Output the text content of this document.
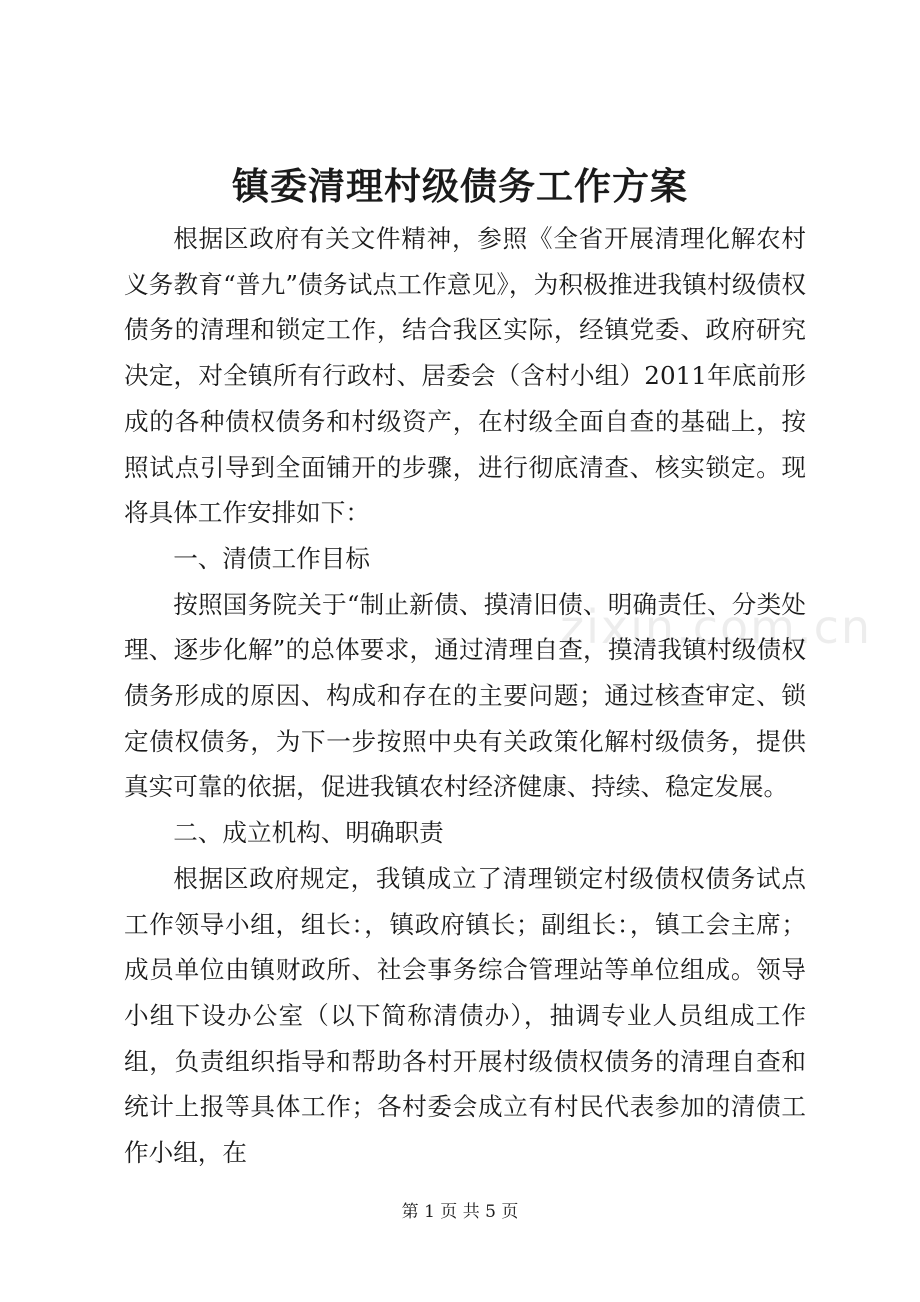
镇委清理村级债务工作方案

根据区政府有关文件精神，参照《全省开展清理化解农村义务教育“普九”债务试点工作意见》，为积极推进我镇村级债权债务的清理和锁定工作，结合我区实际，经镇党委、政府研究决定，对全镇所有行政村、居委会（含村小组）2011年底前形成的各种债权债务和村级资产，在村级全面自查的基础上，按照试点引导到全面铺开的步骤，进行彻底清查、核实锁定。现将具体工作安排如下：

一、清债工作目标

按照国务院关于“制止新债、摸清旧债、明确责任、分类处理、逐步化解”的总体要求，通过清理自查，摸清我镇村级债权债务形成的原因、构成和存在的主要问题；通过核查审定、锁定债权债务，为下一步按照中央有关政策化解村级债务，提供真实可靠的依据，促进我镇农村经济健康、持续、稳定发展。

二、成立机构、明确职责

根据区政府规定，我镇成立了清理锁定村级债权债务试点工作领导小组，组长：，镇政府镇长；副组长：，镇工会主席；成员单位由镇财政所、社会事务综合管理站等单位组成。领导小组下设办公室（以下简称清债办），抽调专业人员组成工作组，负责组织指导和帮助各村开展村级债权债务的清理自查和统计上报等具体工作；各村委会成立有村民代表参加的清债工作小组，在

zixin.com.cn
第 1 页 共 5 页
